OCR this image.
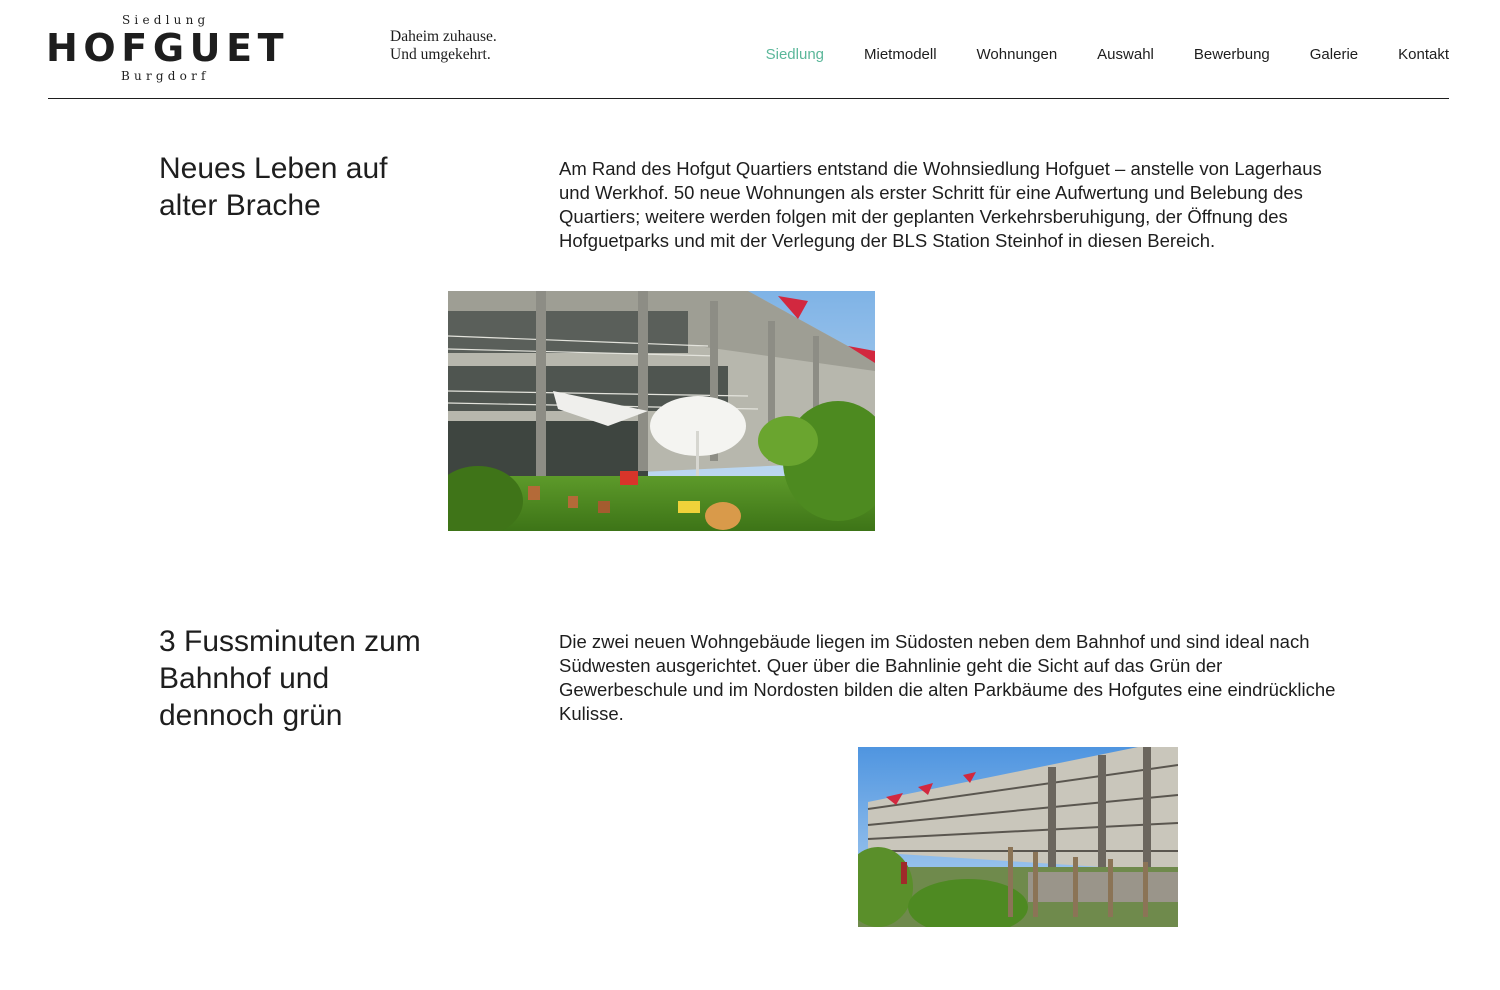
Siedlung
HOFGUET
Burgdorf
Daheim zuhause.
Und umgekehrt.	Siedlung	Mietmodell	Wohnungen	Auswahl	Bewerbung	Galerie	Kontakt
Neues Leben auf
alter Brache

Am Rand des Hofgut Quartiers entstand die Wohnsiedlung Hofguet – anstelle von Lagerhaus und Werkhof. 50 neue Wohnungen als erster Schritt für eine Aufwertung und Belebung des Quartiers; weitere werden folgen mit der geplanten Verkehrsberuhigung, der Öffnung des Hofguetparks und mit der Verlegung der BLS Station Steinhof in diesen Bereich.

3 Fussminuten zum
Bahnhof und
dennoch grün

Die zwei neuen Wohngebäude liegen im Südosten neben dem Bahnhof und sind ideal nach Südwesten ausgerichtet. Quer über die Bahnlinie geht die Sicht auf das Grün der Gewerbeschule und im Nordosten bilden die alten Parkbäume des Hofgutes eine eindrückliche Kulisse.
